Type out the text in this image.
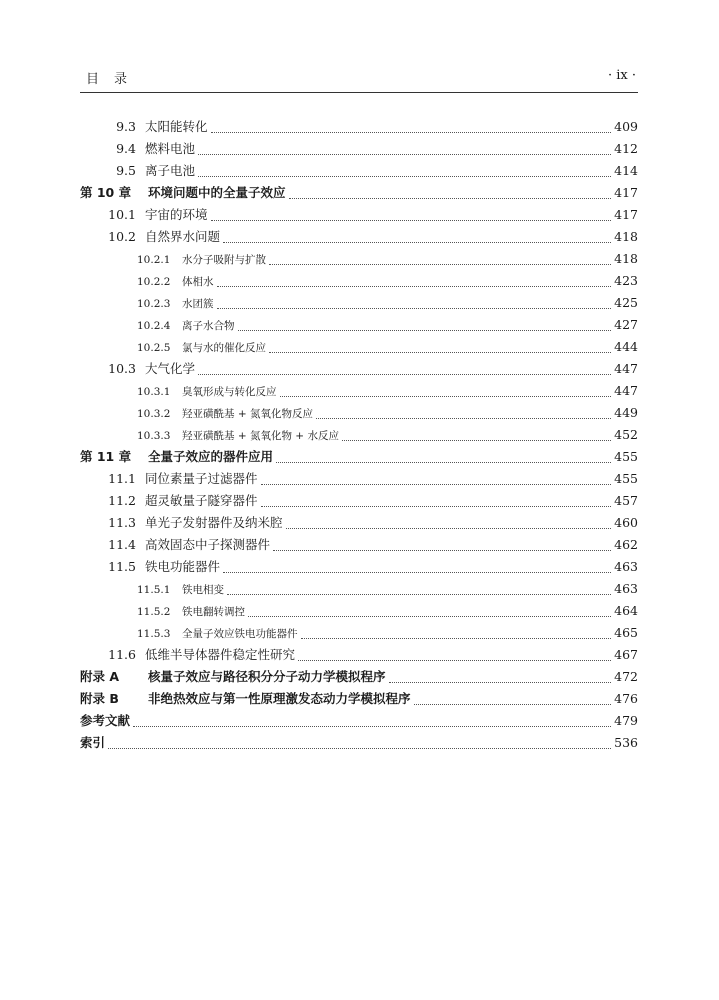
目　录	· ix ·
9.3 太阳能转化	409
9.4 燃料电池	412
9.5 离子电池	414
第 10 章	环境问题中的全量子效应	417
10.1 宇宙的环境	417
10.2 自然界水问题	418
10.2.1	水分子吸附与扩散	418
10.2.2	体相水	423
10.2.3	水团簇	425
10.2.4	离子水合物	427
10.2.5	氯与水的催化反应	444
10.3 大气化学	447
10.3.1	臭氧形成与转化反应	447
10.3.2	羟亚磺酰基 + 氮氧化物反应	449
10.3.3	羟亚磺酰基 + 氮氧化物 + 水反应	452
第 11 章	全量子效应的器件应用	455
11.1 同位素量子过滤器件	455
11.2 超灵敏量子隧穿器件	457
11.3 单光子发射器件及纳米腔	460
11.4 高效固态中子探测器件	462
11.5 铁电功能器件	463
11.5.1	铁电相变	463
11.5.2	铁电翻转调控	464
11.5.3	全量子效应铁电功能器件	465
11.6 低维半导体器件稳定性研究	467
附录 A	核量子效应与路径积分分子动力学模拟程序	472
附录 B	非绝热效应与第一性原理激发态动力学模拟程序	476
参考文献	479
索引	536
